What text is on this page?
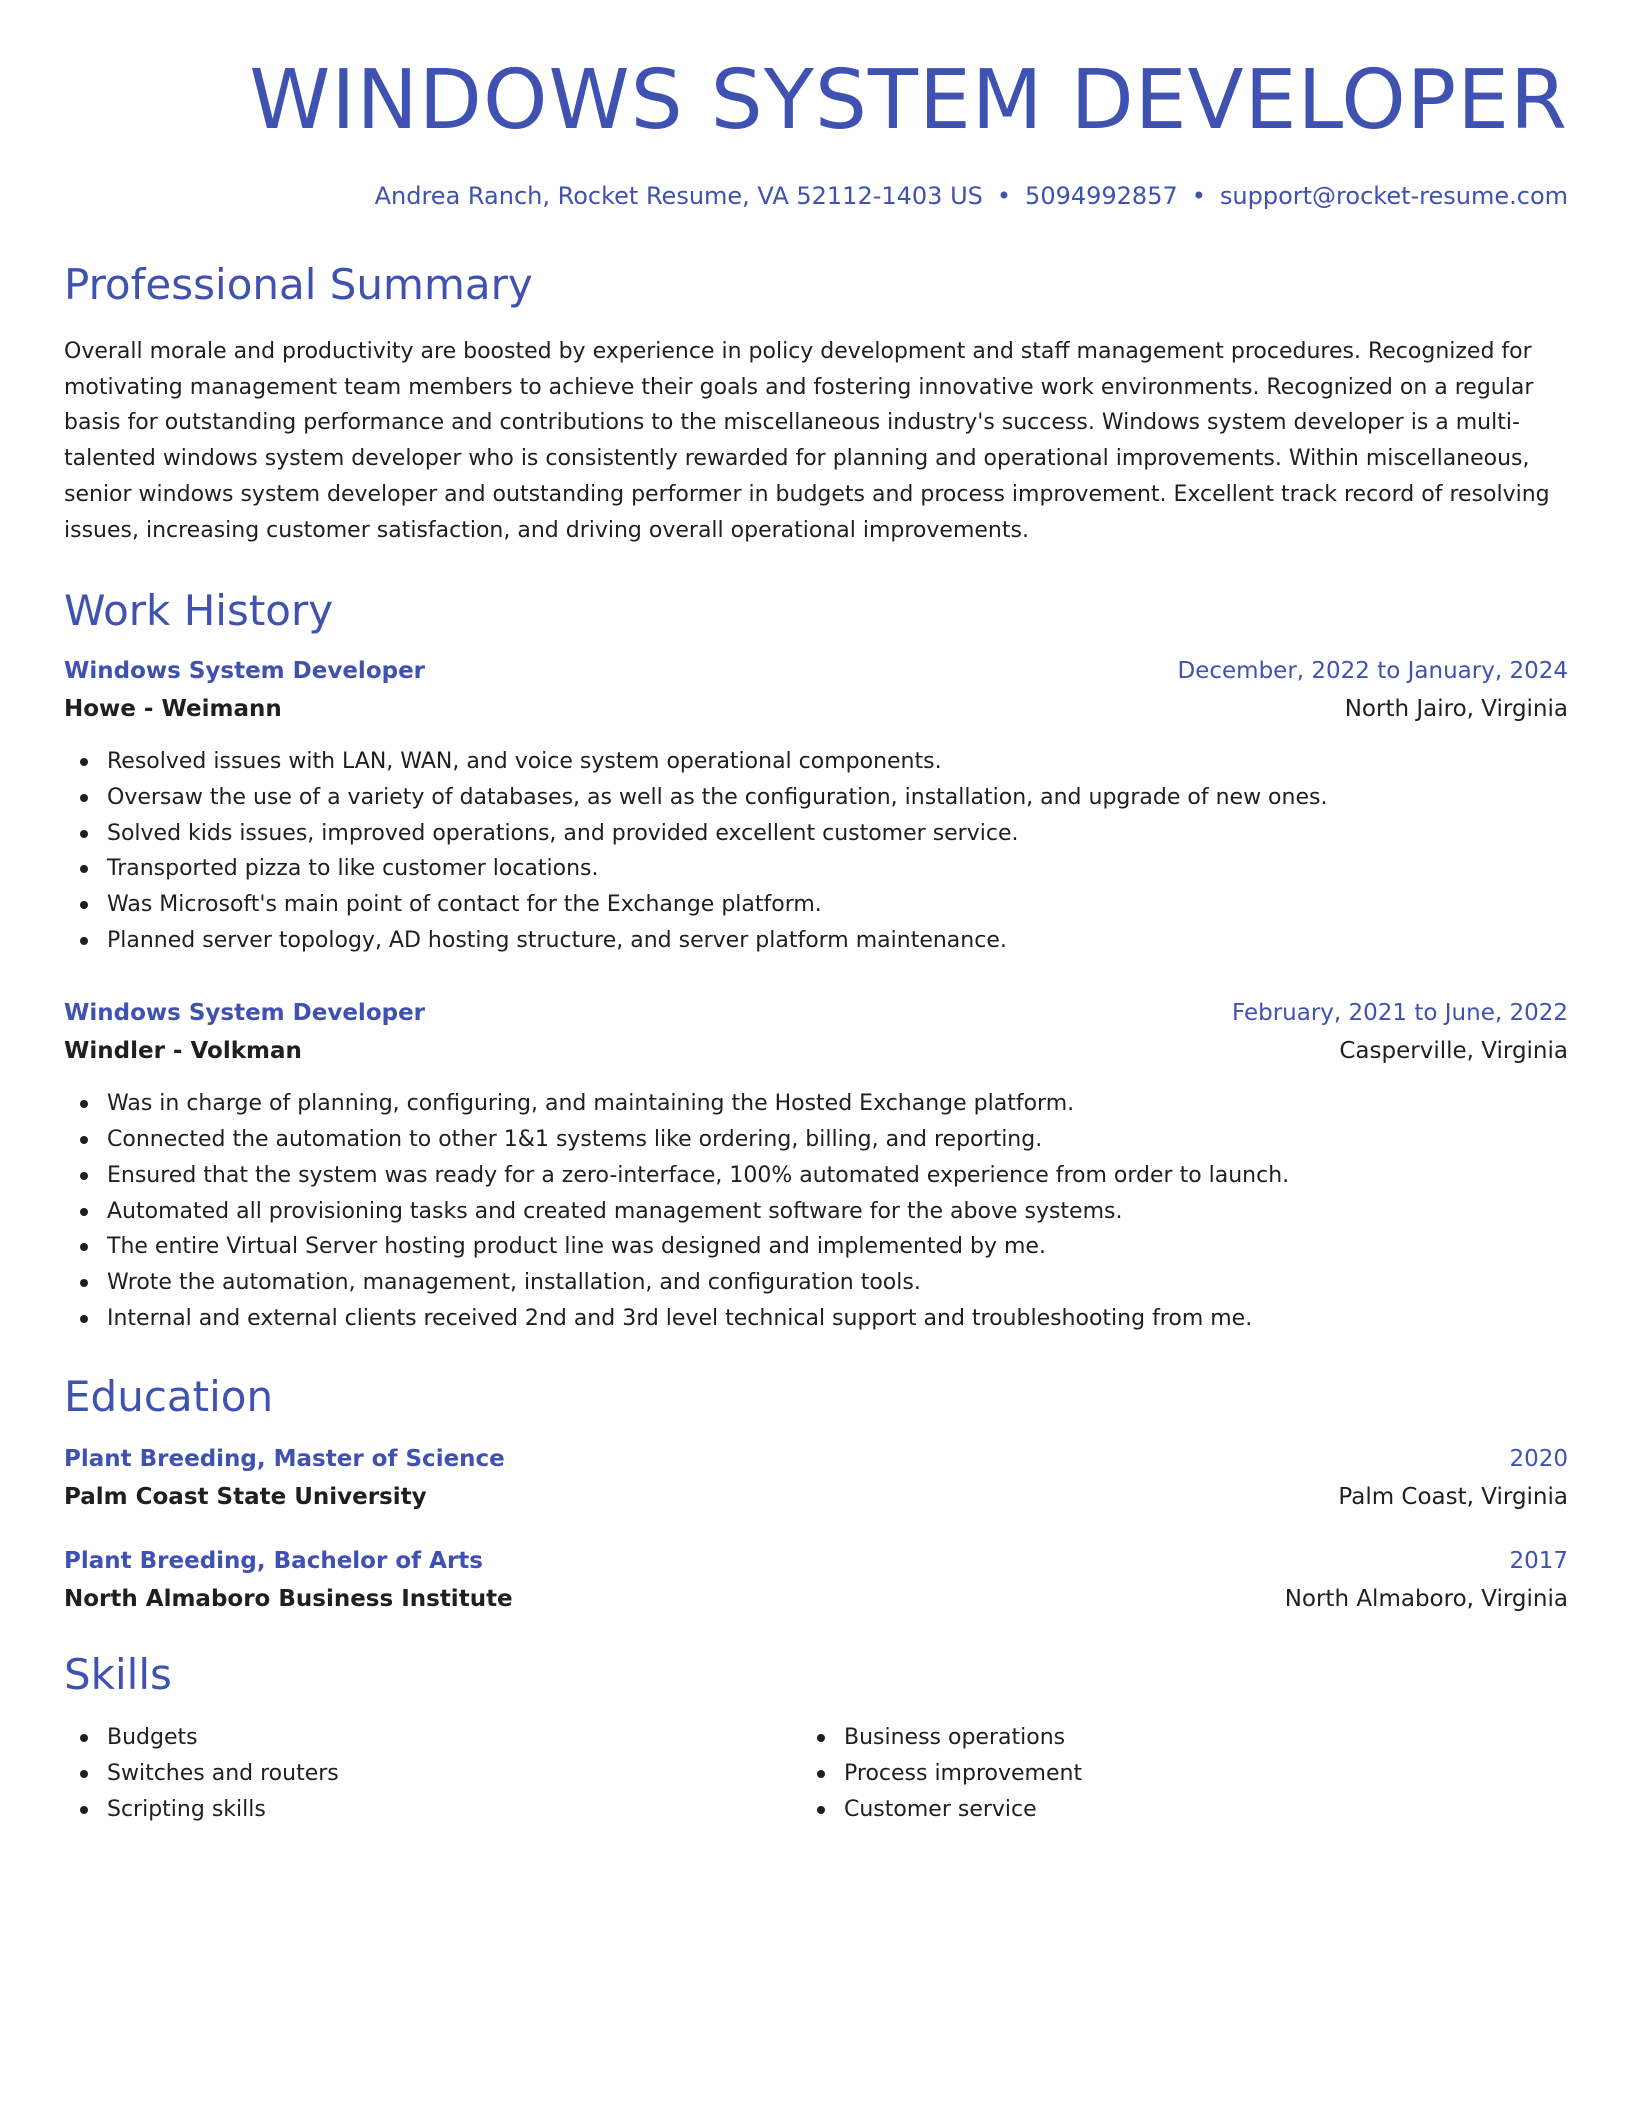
WINDOWS SYSTEM DEVELOPER
Andrea Ranch, Rocket Resume, VA 52112-1403 US • 5094992857 • support@rocket-resume.com
Professional Summary

Overall morale and productivity are boosted by experience in policy development and staff management procedures. Recognized for motivating management team members to achieve their goals and fostering innovative work environments. Recognized on a regular basis for outstanding performance and contributions to the miscellaneous industry's success. Windows system developer is a multi-talented windows system developer who is consistently rewarded for planning and operational improvements. Within miscellaneous, senior windows system developer and outstanding performer in budgets and process improvement. Excellent track record of resolving issues, increasing customer satisfaction, and driving overall operational improvements.

Work History
Windows System Developer	December, 2022 to January, 2024
Howe - Weimann	North Jairo, Virginia
Resolved issues with LAN, WAN, and voice system operational components.
Oversaw the use of a variety of databases, as well as the configuration, installation, and upgrade of new ones.
Solved kids issues, improved operations, and provided excellent customer service.
Transported pizza to like customer locations.
Was Microsoft's main point of contact for the Exchange platform.
Planned server topology, AD hosting structure, and server platform maintenance.
Windows System Developer	February, 2021 to June, 2022
Windler - Volkman	Casperville, Virginia
Was in charge of planning, configuring, and maintaining the Hosted Exchange platform.
Connected the automation to other 1&1 systems like ordering, billing, and reporting.
Ensured that the system was ready for a zero-interface, 100% automated experience from order to launch.
Automated all provisioning tasks and created management software for the above systems.
The entire Virtual Server hosting product line was designed and implemented by me.
Wrote the automation, management, installation, and configuration tools.
Internal and external clients received 2nd and 3rd level technical support and troubleshooting from me.
Education
Plant Breeding, Master of Science	2020
Palm Coast State University	Palm Coast, Virginia
Plant Breeding, Bachelor of Arts	2017
North Almaboro Business Institute	North Almaboro, Virginia
Skills
Budgets
Switches and routers
Scripting skills
Business operations
Process improvement
Customer service
